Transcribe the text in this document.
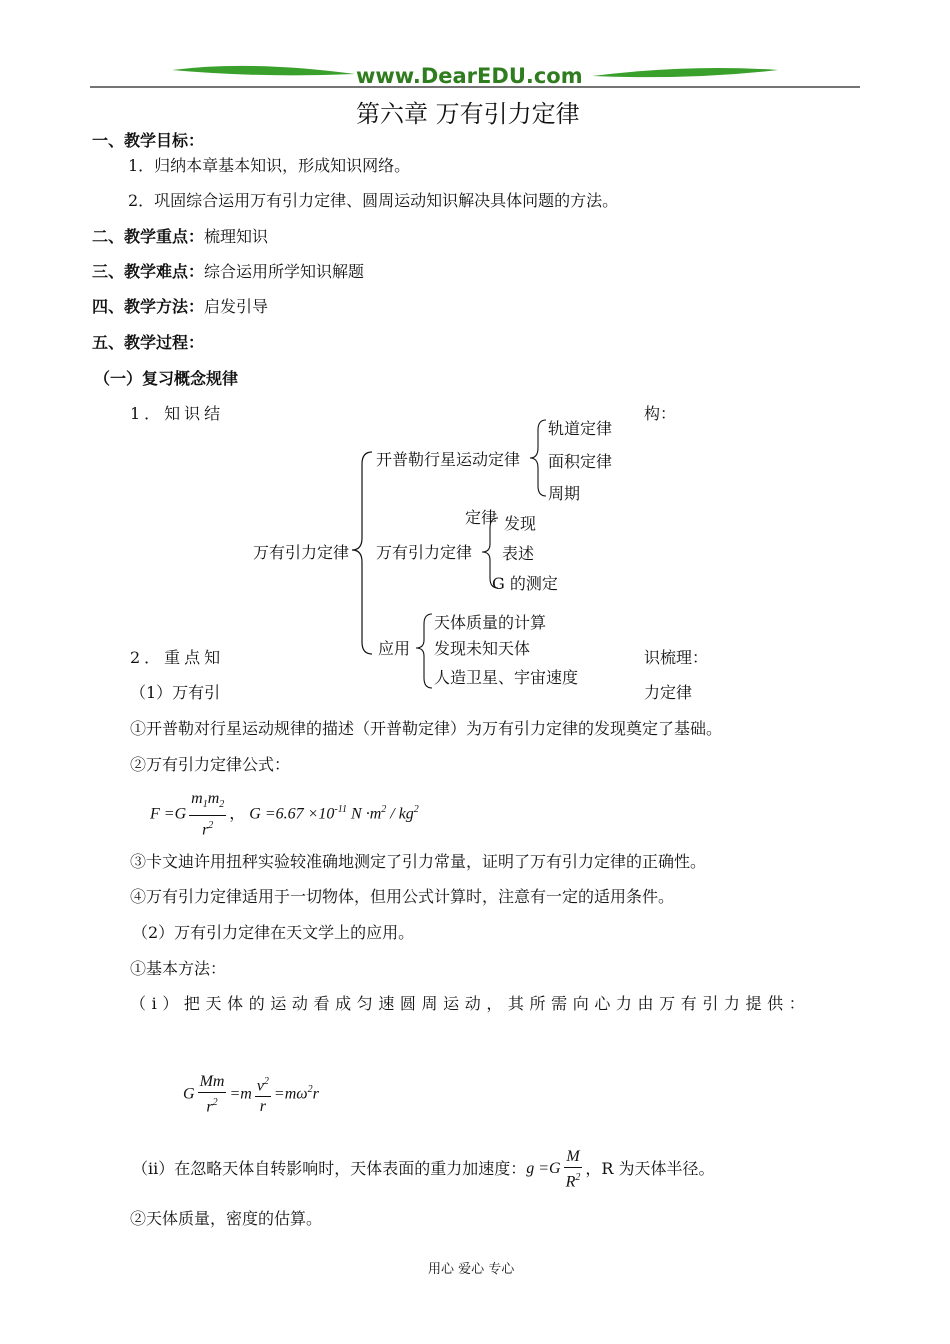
www.DearEDU.com
第六章 万有引力定律
一、教学目标：
1．归纳本章基本知识，形成知识网络。
2．巩固综合运用万有引力定律、圆周运动知识解决具体问题的方法。
二、教学重点：梳理知识
三、教学难点：综合运用所学知识解题
四、教学方法：启发引导
五、教学过程：
（一）复习概念规律
1．知识结	构：
万有引力定律
开普勒行星运动定律
轨道定律
面积定律
周期
定律
万有引力定律
发现
表述
G 的测定
应用
天体质量的计算
发现未知天体
人造卫星、宇宙速度
2．重点知	识梳理：
（1）万有引	力定律
①开普勒对行星运动规律的描述（开普勒定律）为万有引力定律的发现奠定了基础。
②万有引力定律公式：
$F =G \frac{m_1m_2}{r^2}$ ， $G =6.67 \times 10^{-11}$ $N \cdot m^2 / kg^2$
③卡文迪许用扭秤实验较准确地测定了引力常量，证明了万有引力定律的正确性。
④万有引力定律适用于一切物体，但用公式计算时，注意有一定的适用条件。
（2）万有引力定律在天文学上的应用。
①基本方法：
（i）把天体的运动看成匀速圆周运动，其所需向心力由万有引力提供：
G $\frac{Mm}{r^2} =m \frac{v^2}{r} =m\omega^2r$
（ii）在忽略天体自转影响时，天体表面的重力加速度：$g =G \frac{M}{R^2}$ ，R 为天体半径。
②天体质量，密度的估算。
用心 爱心 专心
